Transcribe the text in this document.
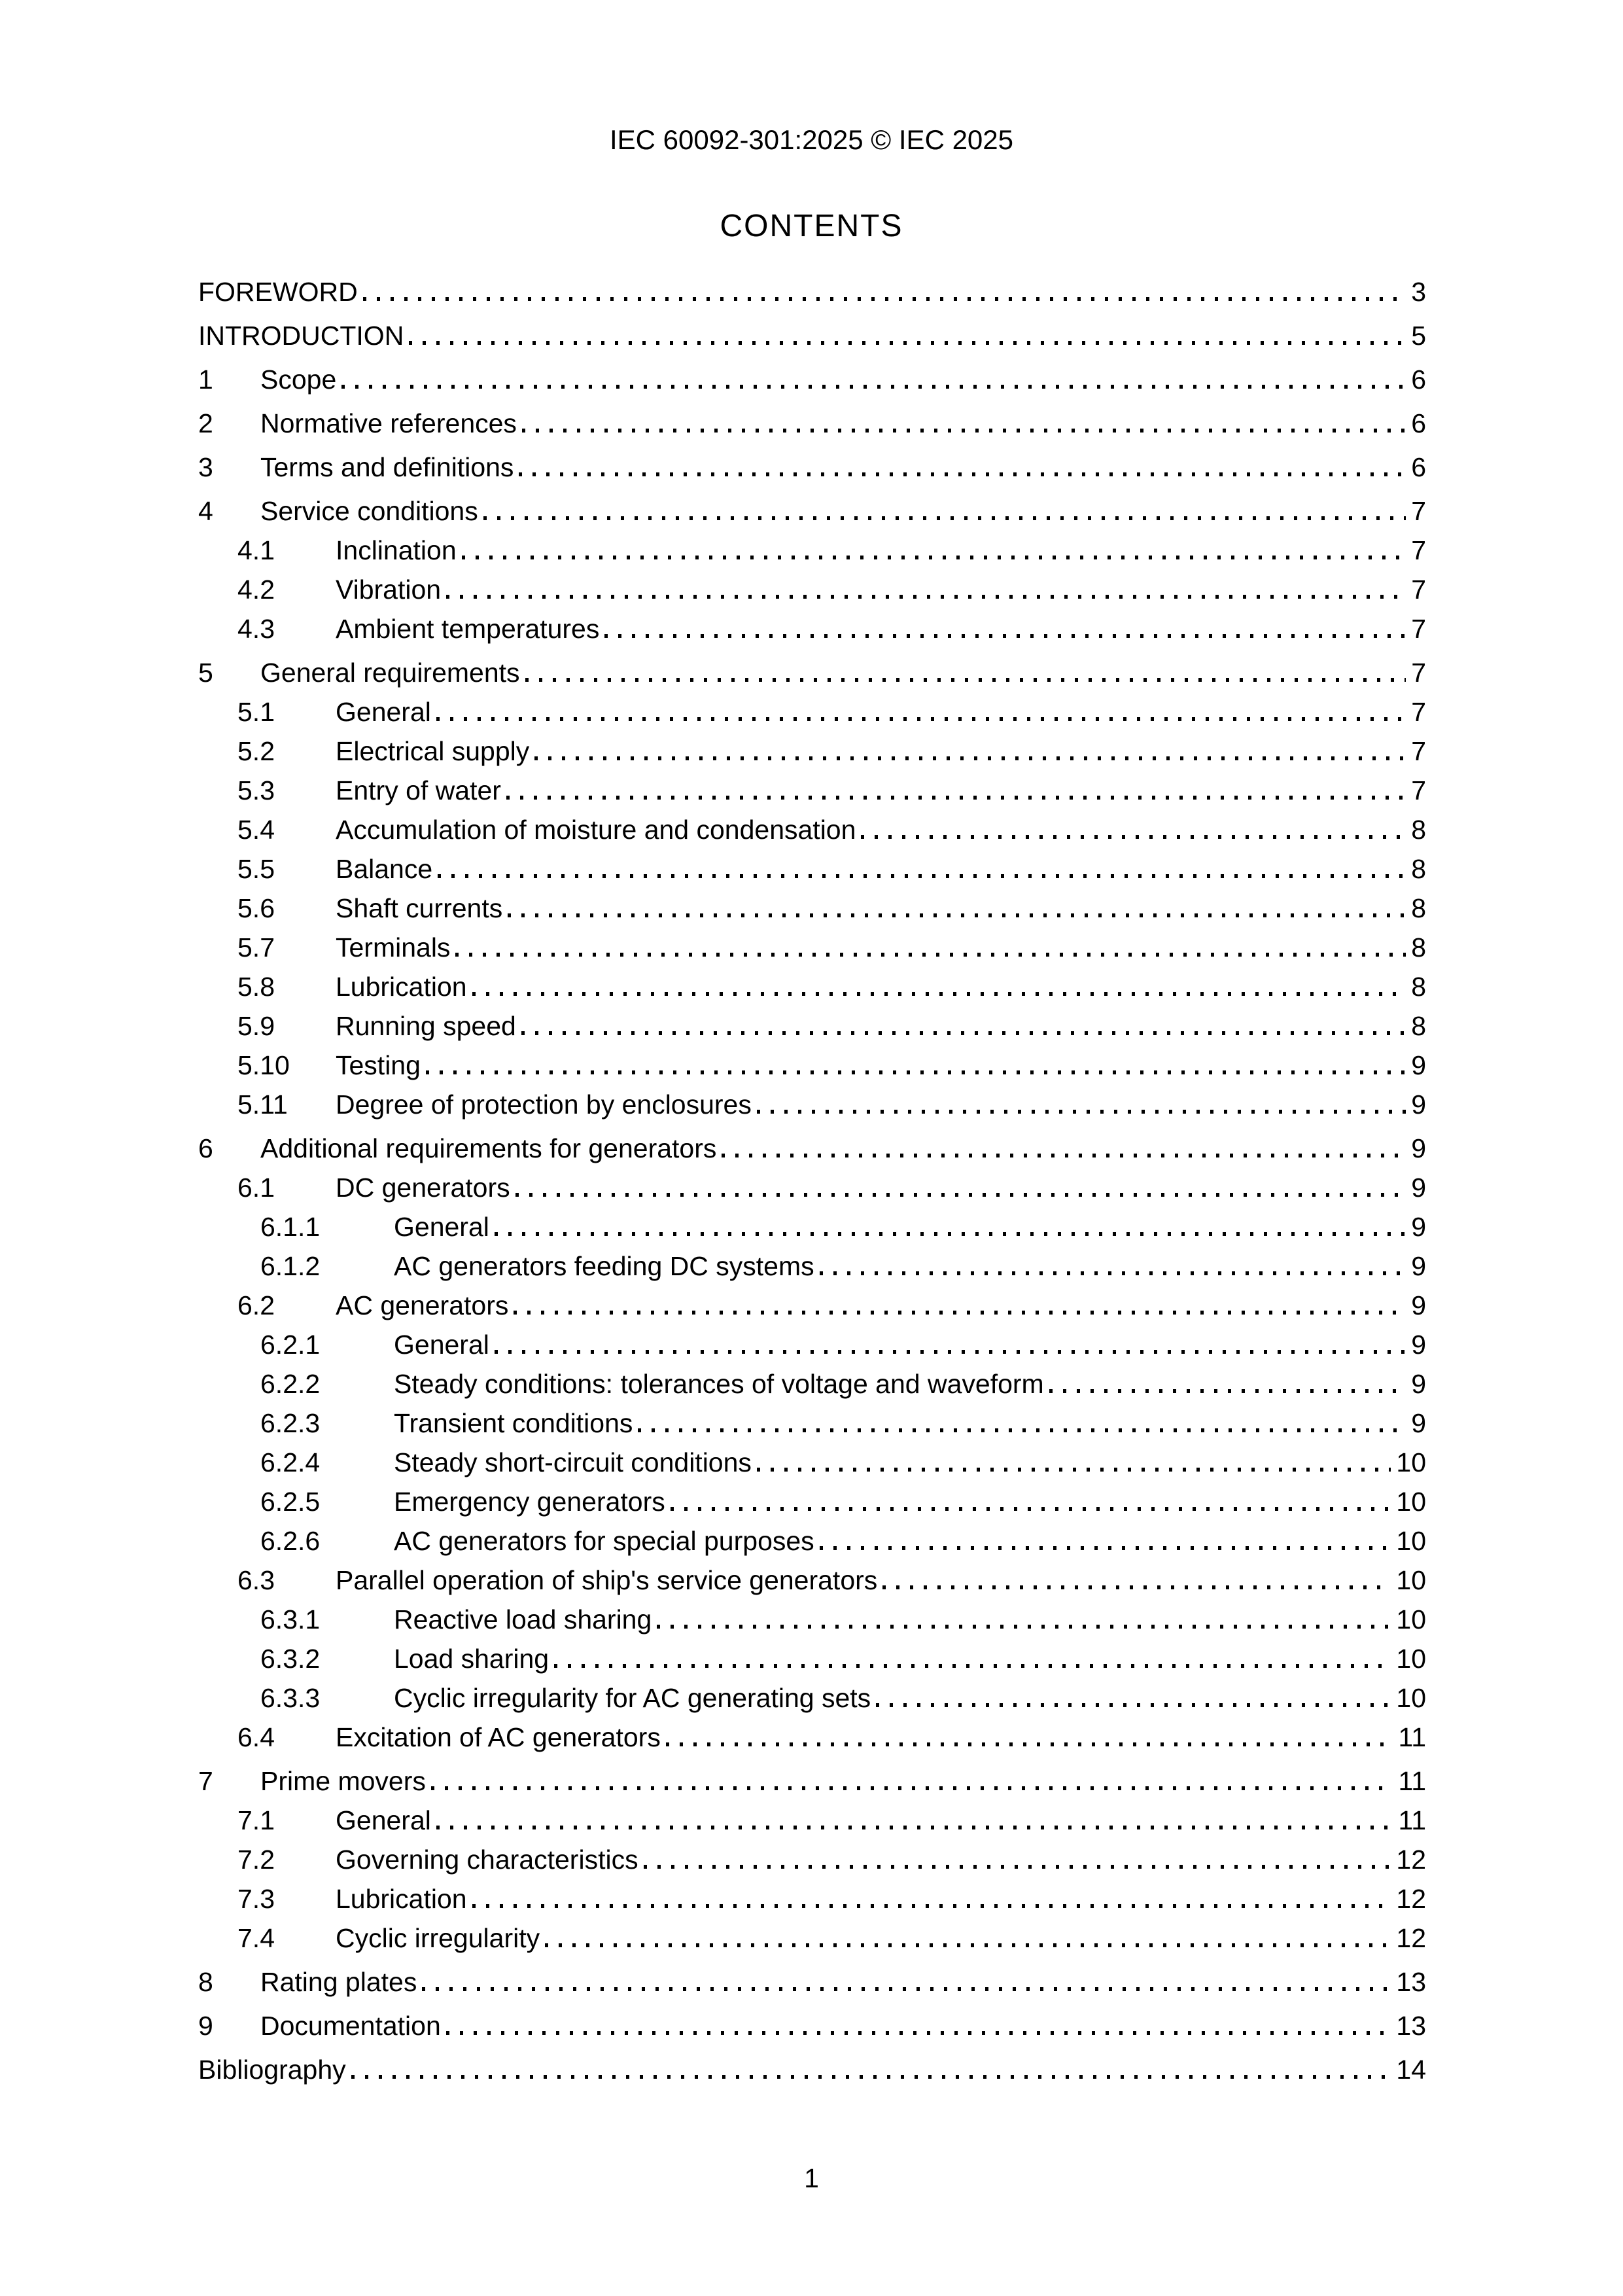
IEC 60092-301:2025 © IEC 2025
CONTENTS
FOREWORD	3
INTRODUCTION	5
1	Scope	6
2	Normative references	6
3	Terms and definitions	6
4	Service conditions	7
4.1	Inclination	7
4.2	Vibration	7
4.3	Ambient temperatures	7
5	General requirements	7
5.1	General	7
5.2	Electrical supply	7
5.3	Entry of water	7
5.4	Accumulation of moisture and condensation	8
5.5	Balance	8
5.6	Shaft currents	8
5.7	Terminals	8
5.8	Lubrication	8
5.9	Running speed	8
5.10	Testing	9
5.11	Degree of protection by enclosures	9
6	Additional requirements for generators	9
6.1	DC generators	9
6.1.1	General	9
6.1.2	AC generators feeding DC systems	9
6.2	AC generators	9
6.2.1	General	9
6.2.2	Steady conditions: tolerances of voltage and waveform	9
6.2.3	Transient conditions	9
6.2.4	Steady short-circuit conditions	10
6.2.5	Emergency generators	10
6.2.6	AC generators for special purposes	10
6.3	Parallel operation of ship's service generators	10
6.3.1	Reactive load sharing	10
6.3.2	Load sharing	10
6.3.3	Cyclic irregularity for AC generating sets	10
6.4	Excitation of AC generators	11
7	Prime movers	11
7.1	General	11
7.2	Governing characteristics	12
7.3	Lubrication	12
7.4	Cyclic irregularity	12
8	Rating plates	13
9	Documentation	13
Bibliography	14
1
